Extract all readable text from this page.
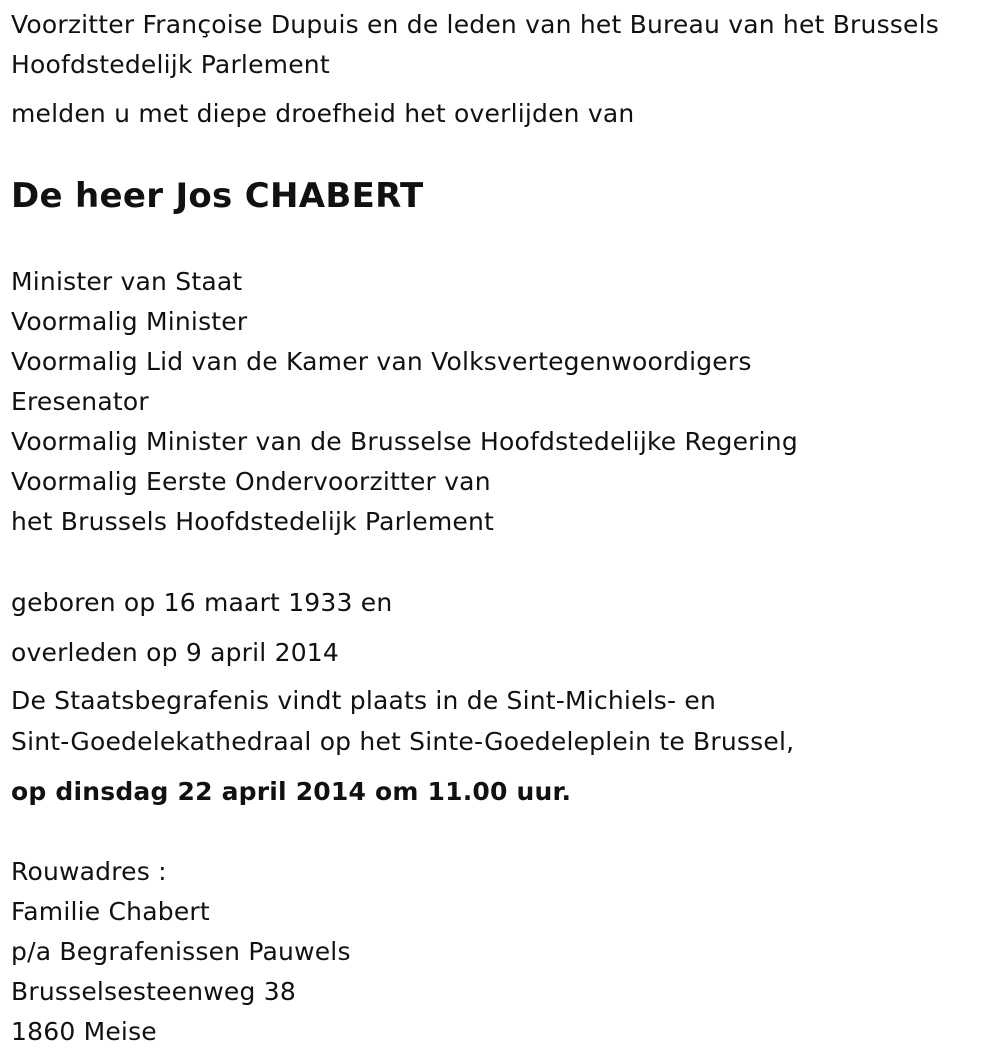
Voorzitter Françoise Dupuis en de leden van het Bureau van het Brussels
Hoofdstedelijk Parlement
melden u met diepe droefheid het overlijden van
De heer Jos CHABERT
Minister van Staat
Voormalig Minister
Voormalig Lid van de Kamer van Volksvertegenwoordigers
Eresenator
Voormalig Minister van de Brusselse Hoofdstedelijke Regering
Voormalig Eerste Ondervoorzitter van
het Brussels Hoofdstedelijk Parlement
geboren op 16 maart 1933 en
overleden op 9 april 2014
De Staatsbegrafenis vindt plaats in de Sint-Michiels- en
Sint-Goedelekathedraal op het Sinte-Goedeleplein te Brussel,
op dinsdag 22 april 2014 om 11.00 uur.
Rouwadres :
Familie Chabert
p/a Begrafenissen Pauwels
Brusselsesteenweg 38
1860 Meise
